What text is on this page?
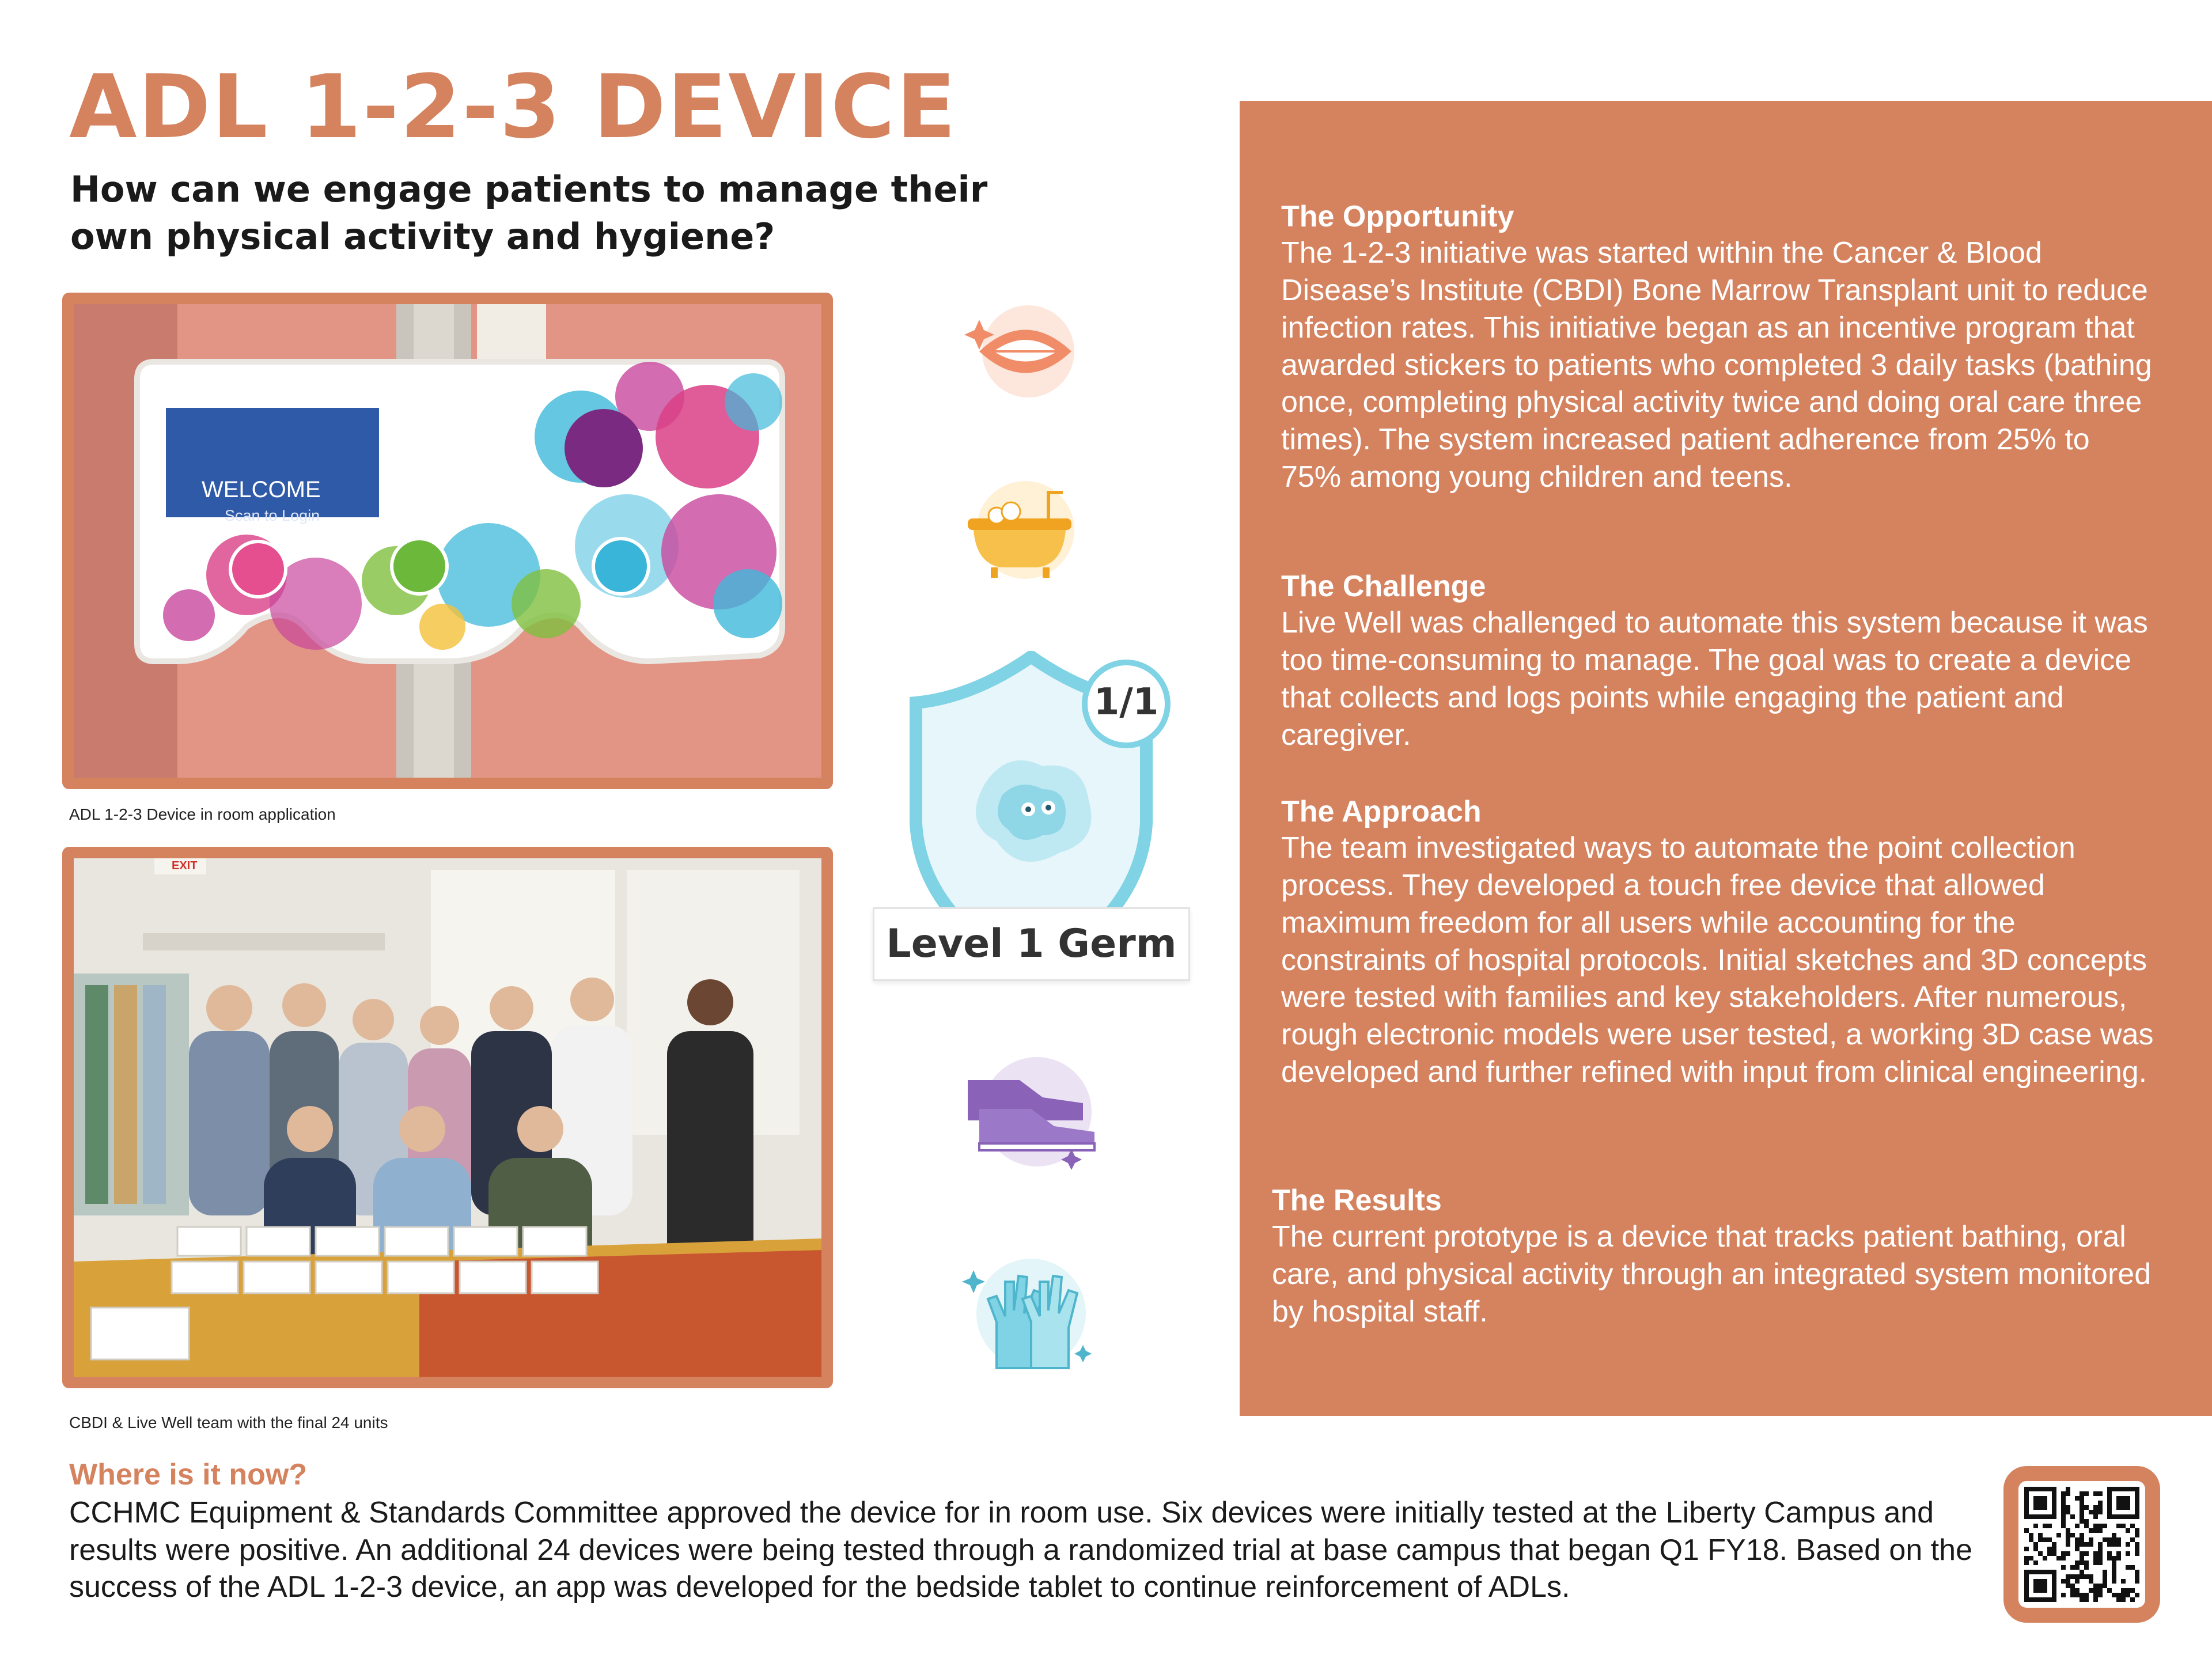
ADL 1-2-3 DEVICE
How can we engage patients to manage their own physical activity and hygiene?
Cincinnati
Children's
WELCOME
Scan to Login
ADL 1-2-3 Device in room application
EXIT
CBDI & Live Well team with the final 24 units
1/1
Level 1 Germ
The Opportunity
The 1-2-3 initiative was started within the Cancer & Blood Disease’s Institute (CBDI) Bone Marrow Transplant unit to reduce infection rates. This initiative began as an incentive program that awarded stickers to patients who completed 3 daily tasks (bathing once, completing physical activity twice and doing oral care three times). The system increased patient adherence from 25% to 75% among young children and teens.
The Challenge
Live Well was challenged to automate this system because it was too time-consuming to manage. The goal was to create a device that collects and logs points while engaging the patient and caregiver.
The Approach
The team investigated ways to automate the point collection process. They developed a touch free device that allowed maximum freedom for all users while accounting for the constraints of hospital protocols. Initial sketches and 3D concepts were tested with families and key stakeholders. After numerous, rough electronic models were user tested, a working 3D case was developed and further refined with input from clinical engineering.
The Results
The current prototype is a device that tracks patient bathing, oral care, and physical activity through an integrated system monitored by hospital staff.
Where is it now?
CCHMC Equipment & Standards Committee approved the device for in room use. Six devices were initially tested at the Liberty Campus and results were positive. An additional 24 devices were being tested through a randomized trial at base campus that began Q1 FY18. Based on the success of the ADL 1-2-3 device, an app was developed for the bedside tablet to continue reinforcement of ADLs.
